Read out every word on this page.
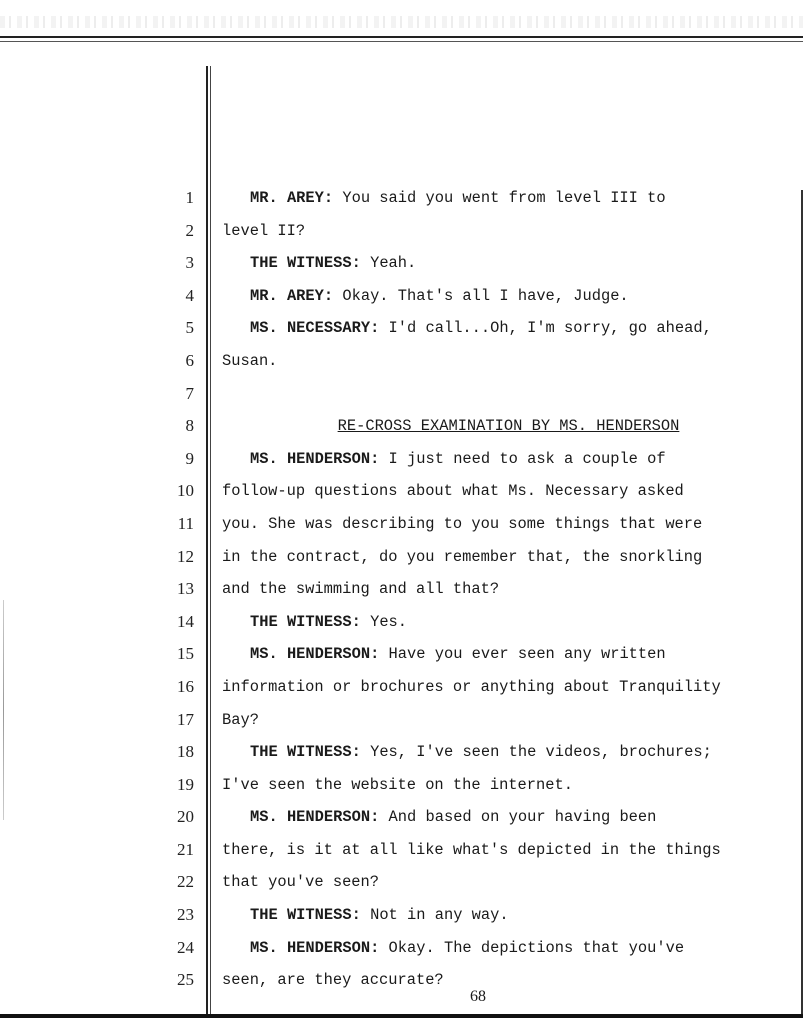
1	MR. AREY: You said you went from level III to
2 level II?
3	THE WITNESS: Yeah.
4	MR. AREY: Okay. That's all I have, Judge.
5	MS. NECESSARY: I'd call...Oh, I'm sorry, go ahead,
6 Susan.
7
8	RE-CROSS EXAMINATION BY MS. HENDERSON
9	MS. HENDERSON: I just need to ask a couple of
10 follow-up questions about what Ms. Necessary asked
11 you. She was describing to you some things that were
12 in the contract, do you remember that, the snorkling
13 and the swimming and all that?
14	THE WITNESS: Yes.
15	MS. HENDERSON: Have you ever seen any written
16 information or brochures or anything about Tranquility
17 Bay?
18	THE WITNESS: Yes, I've seen the videos, brochures;
19 I've seen the website on the internet.
20	MS. HENDERSON: And based on your having been
21 there, is it at all like what's depicted in the things
22 that you've seen?
23	THE WITNESS: Not in any way.
24	MS. HENDERSON: Okay. The depictions that you've
25 seen, are they accurate?
68
